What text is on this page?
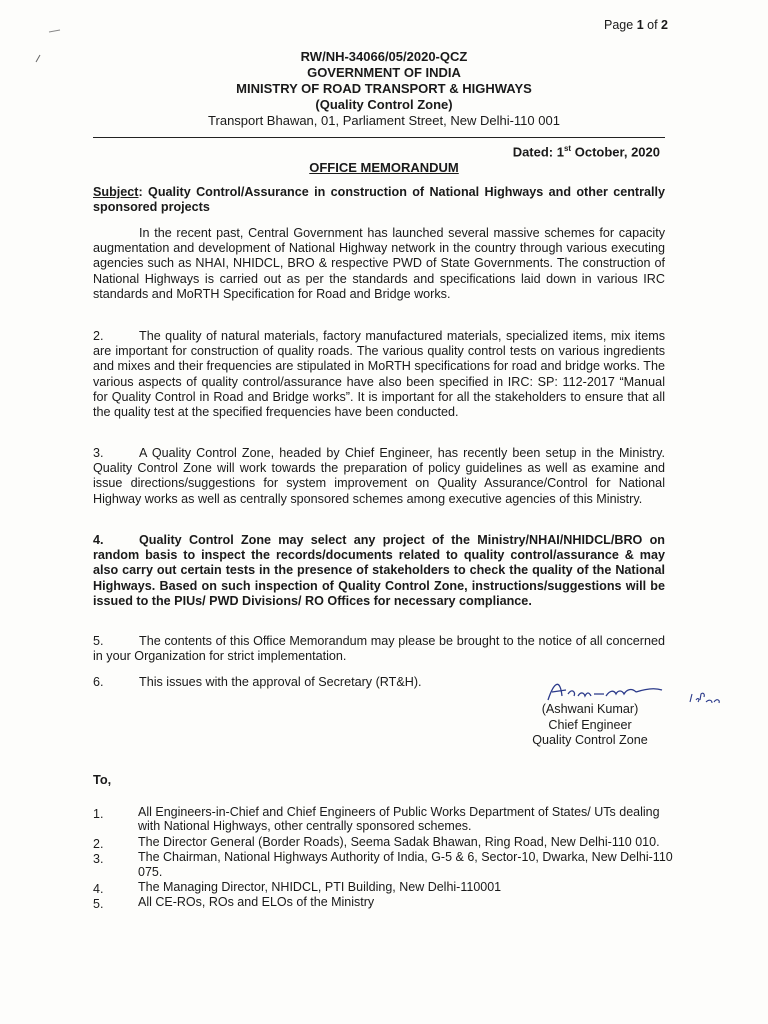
Page 1 of 2
RW/NH-34066/05/2020-QCZ
GOVERNMENT OF INDIA
MINISTRY OF ROAD TRANSPORT & HIGHWAYS
(Quality Control Zone)
Transport Bhawan, 01, Parliament Street, New Delhi-110 001
Dated: 1st October, 2020
OFFICE MEMORANDUM
Subject: Quality Control/Assurance in construction of National Highways and other centrally sponsored projects
In the recent past, Central Government has launched several massive schemes for capacity augmentation and development of National Highway network in the country through various executing agencies such as NHAI, NHIDCL, BRO & respective PWD of State Governments. The construction of National Highways is carried out as per the standards and specifications laid down in various IRC standards and MoRTH Specification for Road and Bridge works.
2.	The quality of natural materials, factory manufactured materials, specialized items, mix items are important for construction of quality roads. The various quality control tests on various ingredients and mixes and their frequencies are stipulated in MoRTH specifications for road and bridge works. The various aspects of quality control/assurance have also been specified in IRC: SP: 112-2017 “Manual for Quality Control in Road and Bridge works”. It is important for all the stakeholders to ensure that all the quality test at the specified frequencies have been conducted.
3.	A Quality Control Zone, headed by Chief Engineer, has recently been setup in the Ministry. Quality Control Zone will work towards the preparation of policy guidelines as well as examine and issue directions/suggestions for system improvement on Quality Assurance/Control for National Highway works as well as centrally sponsored schemes among executive agencies of this Ministry.
4.	Quality Control Zone may select any project of the Ministry/NHAI/NHIDCL/BRO on random basis to inspect the records/documents related to quality control/assurance & may also carry out certain tests in the presence of stakeholders to check the quality of the National Highways. Based on such inspection of Quality Control Zone, instructions/suggestions will be issued to the PIUs/ PWD Divisions/ RO Offices for necessary compliance.
5.	The contents of this Office Memorandum may please be brought to the notice of all concerned in your Organization for strict implementation.
6.	This issues with the approval of Secretary (RT&H).
(Ashwani Kumar)
Chief Engineer
Quality Control Zone
To,
1.	All Engineers-in-Chief and Chief Engineers of Public Works Department of States/ UTs dealing with National Highways, other centrally sponsored schemes.
2.	The Director General (Border Roads), Seema Sadak Bhawan, Ring Road, New Delhi-110 010.
3.	The Chairman, National Highways Authority of India, G-5 & 6, Sector-10, Dwarka, New Delhi-110 075.
4.	The Managing Director, NHIDCL, PTI Building, New Delhi-110001
5.	All CE-ROs, ROs and ELOs of the Ministry
